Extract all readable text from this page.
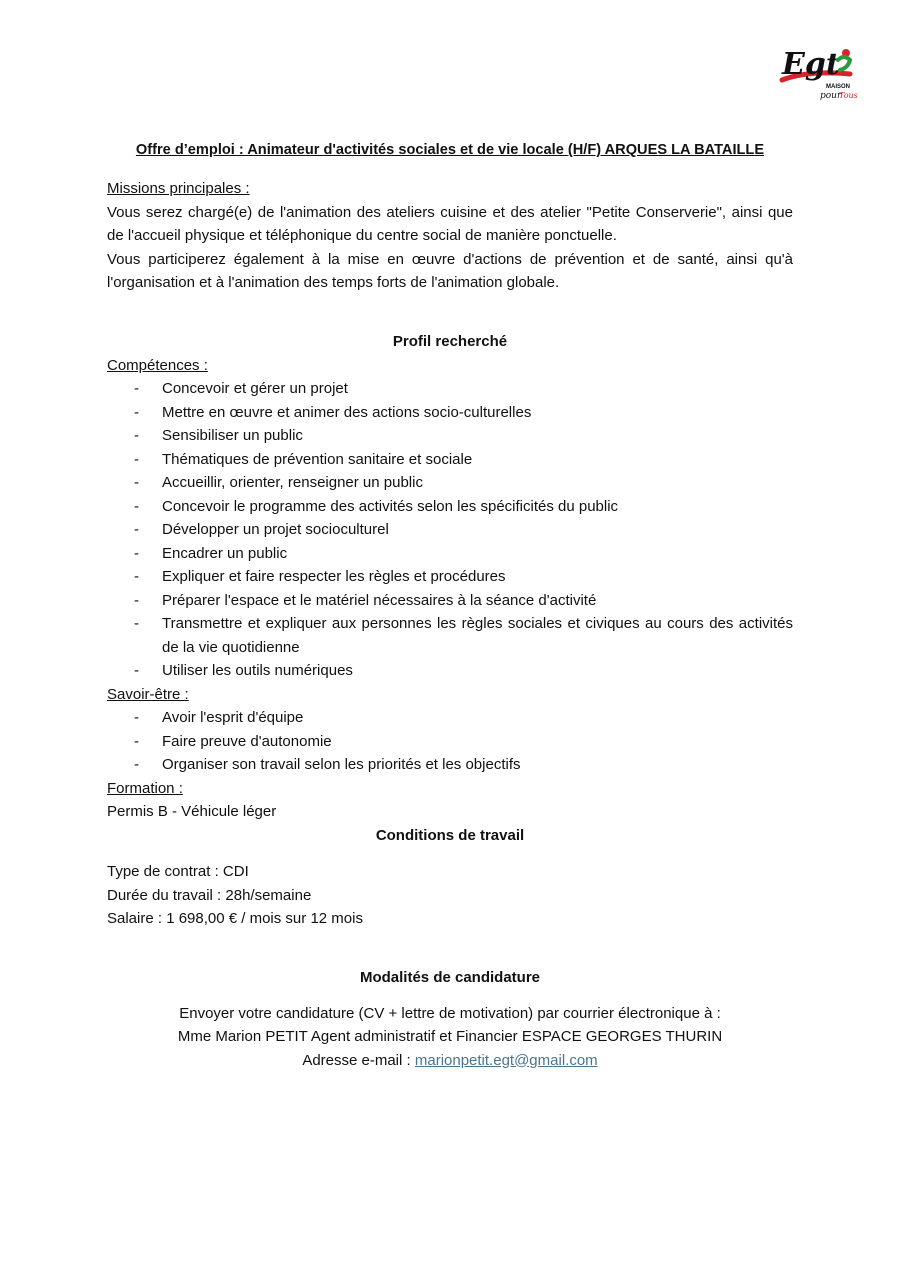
Egt
MAISON
pour
Tous
Offre d’emploi : Animateur d'activités sociales et de vie locale (H/F) ARQUES LA BATAILLE

Missions principales :

Vous serez chargé(e) de l'animation des ateliers cuisine et des atelier "Petite Conserverie", ainsi que de l'accueil physique et téléphonique du centre social de manière ponctuelle.

Vous participerez également à la mise en œuvre d'actions de prévention et de santé, ainsi qu'à l'organisation et à l'animation des temps forts de l'animation globale.

Profil recherché

Compétences :

- Concevoir et gérer un projet
- Mettre en œuvre et animer des actions socio-culturelles
- Sensibiliser un public
- Thématiques de prévention sanitaire et sociale
- Accueillir, orienter, renseigner un public
- Concevoir le programme des activités selon les spécificités du public
- Développer un projet socioculturel
- Encadrer un public
- Expliquer et faire respecter les règles et procédures
- Préparer l'espace et le matériel nécessaires à la séance d'activité
- Transmettre et expliquer aux personnes les règles sociales et civiques au cours des activités de la vie quotidienne
- Utiliser les outils numériques

Savoir-être :

- Avoir l'esprit d'équipe
- Faire preuve d'autonomie
- Organiser son travail selon les priorités et les objectifs

Formation :

Permis B - Véhicule léger

Conditions de travail

Type de contrat : CDI

Durée du travail : 28h/semaine

Salaire : 1 698,00 € / mois sur 12 mois

Modalités de candidature

Envoyer votre candidature (CV + lettre de motivation) par courrier électronique à :

Mme Marion PETIT Agent administratif et Financier ESPACE GEORGES THURIN

Adresse e-mail : marionpetit.egt@gmail.com
